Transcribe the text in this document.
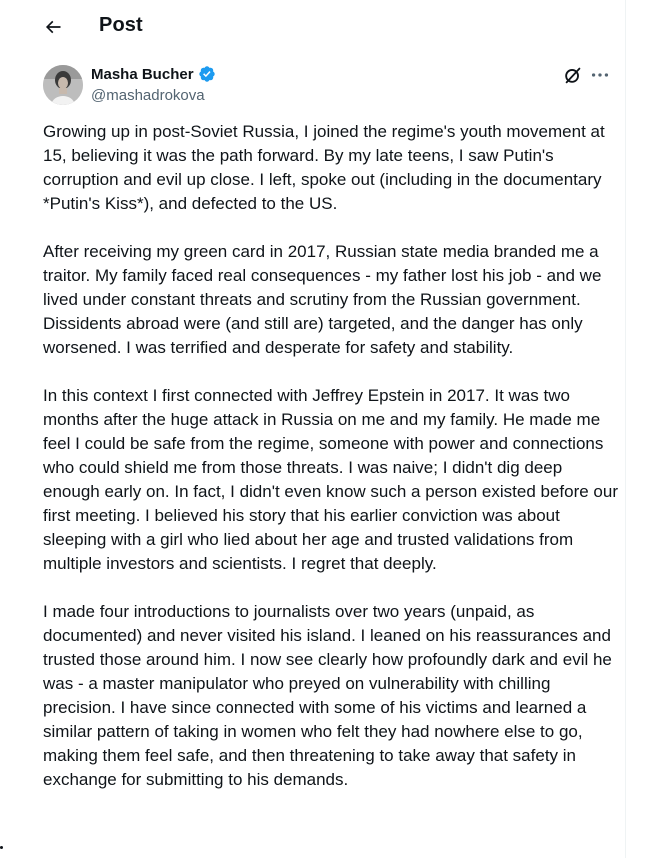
Post
Masha Bucher
@mashadrokova

Growing up in post-Soviet Russia, I joined the regime's youth movement at 15, believing it was the path forward. By my late teens, I saw Putin's corruption and evil up close. I left, spoke out (including in the documentary *Putin's Kiss*), and defected to the US.

After receiving my green card in 2017, Russian state media branded me a traitor. My family faced real consequences - my father lost his job - and we lived under constant threats and scrutiny from the Russian government. Dissidents abroad were (and still are) targeted, and the danger has only worsened. I was terrified and desperate for safety and stability.

In this context I first connected with Jeffrey Epstein in 2017. It was two months after the huge attack in Russia on me and my family. He made me feel I could be safe from the regime, someone with power and connections who could shield me from those threats. I was naive; I didn't dig deep enough early on. In fact, I didn't even know such a person existed before our first meeting. I believed his story that his earlier conviction was about sleeping with a girl who lied about her age and trusted validations from multiple investors and scientists. I regret that deeply.

I made four introductions to journalists over two years (unpaid, as documented) and never visited his island. I leaned on his reassurances and trusted those around him. I now see clearly how profoundly dark and evil he was - a master manipulator who preyed on vulnerability with chilling precision. I have since connected with some of his victims and learned a similar pattern of taking in women who felt they had nowhere else to go, making them feel safe, and then threatening to take away that safety in exchange for submitting to his demands.
